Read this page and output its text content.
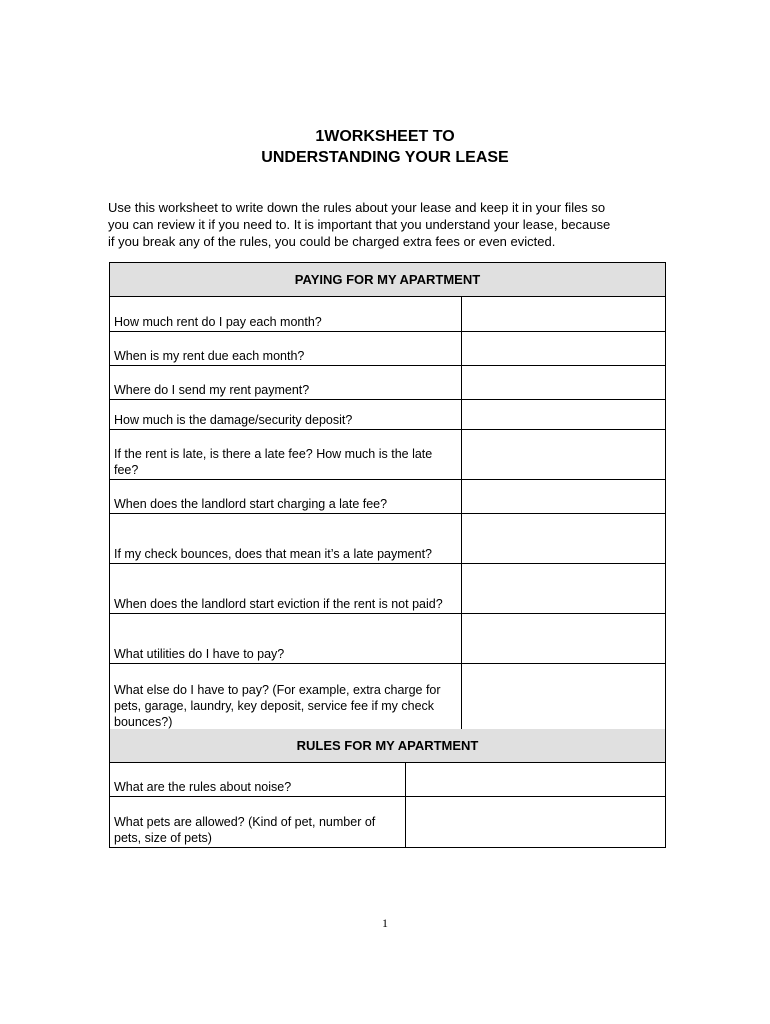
1WORKSHEET TO
UNDERSTANDING YOUR LEASE

Use this worksheet to write down the rules about your lease and keep it in your files so

you can review it if you need to. It is important that you understand your lease, because

if you break any of the rules, you could be charged extra fees or even evicted.

PAYING FOR MY APARTMENT
How much rent do I pay each month?
When is my rent due each month?
Where do I send my rent payment?
How much is the damage/security deposit?
If the rent is late, is there a late fee? How much is the late fee?
When does the landlord start charging a late fee?
If my check bounces, does that mean it’s a late payment?
When does the landlord start eviction if the rent is not paid?
What utilities do I have to pay?
What else do I have to pay? (For example, extra charge for pets, garage, laundry, key deposit, service fee if my check bounces?)
RULES FOR MY APARTMENT
What are the rules about noise?
What pets are allowed? (Kind of pet, number of pets, size of pets)
1
